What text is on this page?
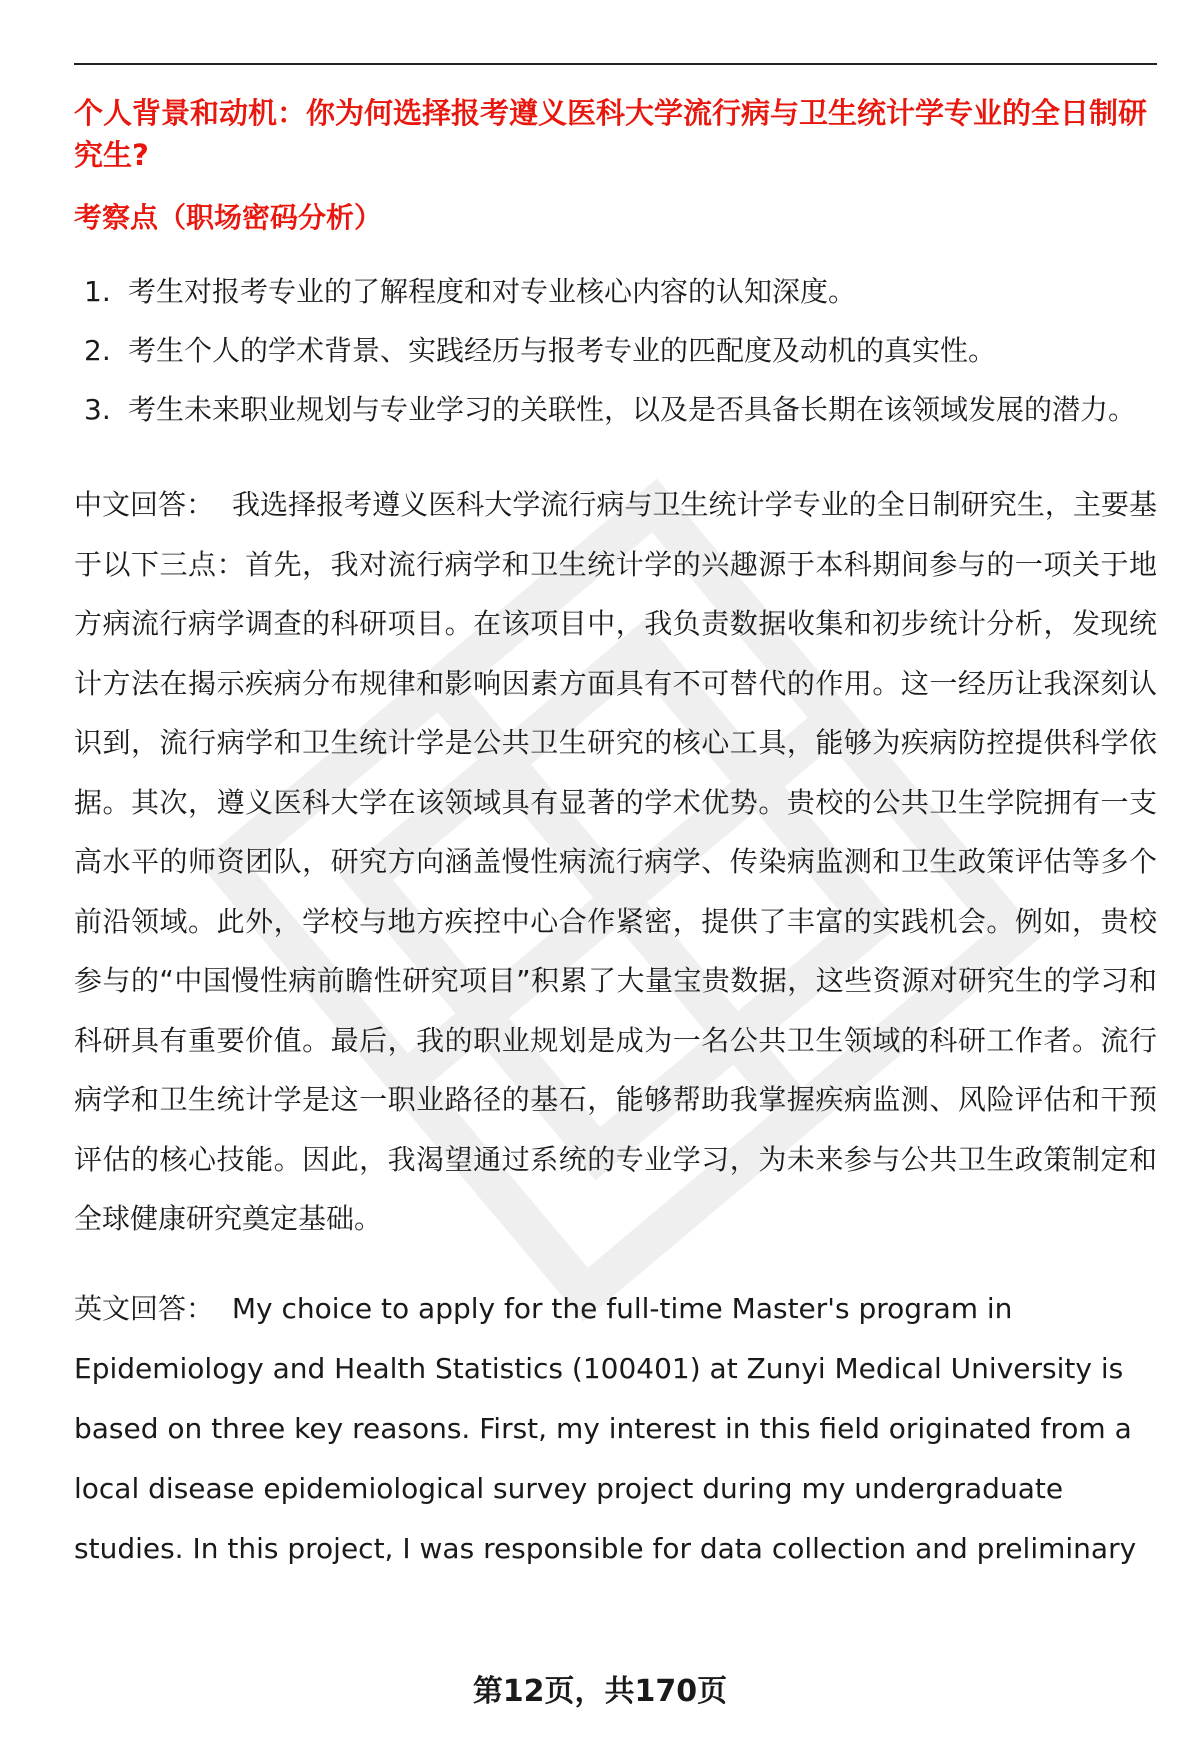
个人背景和动机：你为何选择报考遵义医科大学流行病与卫生统计学专业的全日制研究生?

考察点（职场密码分析）

1. 考生对报考专业的了解程度和对专业核心内容的认知深度。
2. 考生个人的学术背景、实践经历与报考专业的匹配度及动机的真实性。
3. 考生未来职业规划与专业学习的关联性，以及是否具备长期在该领域发展的潜力。

中文回答： 我选择报考遵义医科大学流行病与卫生统计学专业的全日制研究生，主要基于以下三点：首先，我对流行病学和卫生统计学的兴趣源于本科期间参与的一项关于地方病流行病学调查的科研项目。在该项目中，我负责数据收集和初步统计分析，发现统计方法在揭示疾病分布规律和影响因素方面具有不可替代的作用。这一经历让我深刻认识到，流行病学和卫生统计学是公共卫生研究的核心工具，能够为疾病防控提供科学依据。其次，遵义医科大学在该领域具有显著的学术优势。贵校的公共卫生学院拥有一支高水平的师资团队，研究方向涵盖慢性病流行病学、传染病监测和卫生政策评估等多个前沿领域。此外，学校与地方疾控中心合作紧密，提供了丰富的实践机会。例如，贵校参与的“中国慢性病前瞻性研究项目”积累了大量宝贵数据，这些资源对研究生的学习和科研具有重要价值。最后，我的职业规划是成为一名公共卫生领域的科研工作者。流行病学和卫生统计学是这一职业路径的基石，能够帮助我掌握疾病监测、风险评估和干预评估的核心技能。因此，我渴望通过系统的专业学习，为未来参与公共卫生政策制定和全球健康研究奠定基础。

英文回答： My choice to apply for the full-time Master's program in Epidemiology and Health Statistics (100401) at Zunyi Medical University is based on three key reasons. First, my interest in this field originated from a local disease epidemiological survey project during my undergraduate studies. In this project, I was responsible for data collection and preliminary

第12页，共170页
